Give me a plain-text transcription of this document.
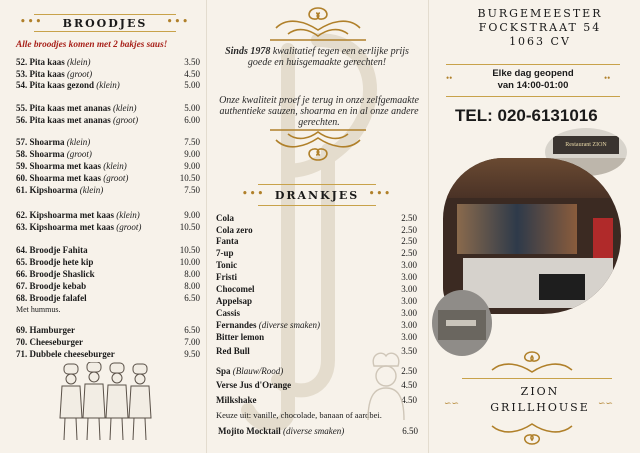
•••	•••
BROODJES
Alle broodjes komen met 2 bakjes saus!
52. Pita kaas (klein)	3.50
53. Pita kaas (groot)	4.50
54. Pita kaas gezond (klein)	5.00
55. Pita kaas met ananas (klein)	5.00
56. Pita kaas met ananas (groot)	6.00
57. Shoarma (klein)	7.50
58. Shoarma (groot)	9.00
59. Shoarma met kaas (klein)	9.00
60. Shoarma met kaas (groot)	10.50
61. Kipshoarma (klein)	7.50
62. Kipshoarma met kaas (klein)	9.00
63. Kipshoarma met kaas (groot)	10.50
64. Broodje Fahita	10.50
65. Broodje hete kip	10.00
66. Broodje Shaslick	8.00
67. Broodje kebab	8.00
68. Broodje falafel	6.50
69. Hamburger	6.50
70. Cheeseburger	7.00
71. Dubbele cheeseburger	9.50
Met hummus.
Sinds 1978 kwalitatief tegen een eerlijke prijs goede en huisgemaakte gerechten!
Onze kwaliteit proef je terug in onze zelfgemaakte authentieke sauzen, shoarma en in al onze andere gerechten.
•••	•••
DRANKJES
Cola	2.50
Cola zero	2.50
Fanta	2.50
7-up	2.50
Tonic	3.00
Fristi	3.00
Chocomel	3.00
Appelsap	3.00
Cassis	3.00
Fernandes (diverse smaken)	3.00
Bitter lemon	3.00
Red Bull	3.50
Spa (Blauw/Rood)	2.50
Verse Jus d'Orange	4.50
Milkshake	4.50
Mojito Mocktail (diverse smaken)	6.50
Keuze uit: vanille, chocolade, banaan of aardbei.
BURGEMEESTER
FOCKSTRAAT 54
1063 CV
••	••
Elke dag geopend
van 14:00-01:00
TEL: 020-6131016
Restaurant ZION
ZION
GRILLHOUSE
∽∽	∽∽
